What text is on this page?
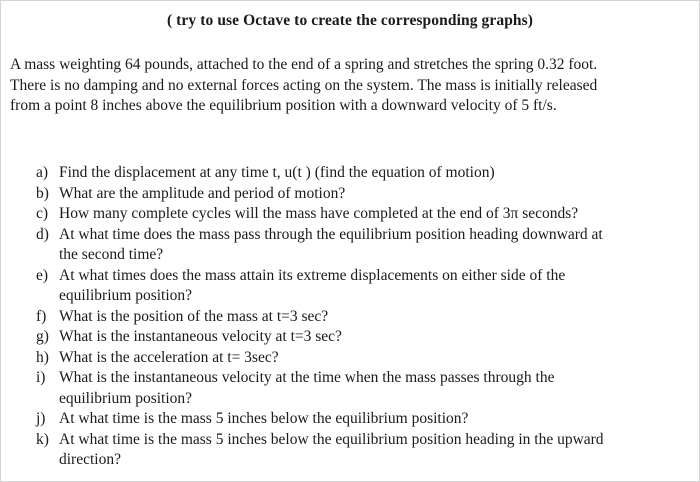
( try to use Octave to create the corresponding graphs)
A mass weighting 64 pounds, attached to the end of a spring and stretches the spring 0.32 foot.
There is no damping and no external forces acting on the system. The mass is initially released
from a point 8 inches above the equilibrium position with a downward velocity of 5 ft/s.
a) Find the displacement at any time t, u(t ) (find the equation of motion)
b) What are the amplitude and period of motion?
c) How many complete cycles will the mass have completed at the end of 3π seconds?
d) At what time does the mass pass through the equilibrium position heading downward at
the second time?
e) At what times does the mass attain its extreme displacements on either side of the
equilibrium position?
f) What is the position of the mass at t=3 sec?
g) What is the instantaneous velocity at t=3 sec?
h) What is the acceleration at t= 3sec?
i) What is the instantaneous velocity at the time when the mass passes through the
equilibrium position?
j) At what time is the mass 5 inches below the equilibrium position?
k) At what time is the mass 5 inches below the equilibrium position heading in the upward
direction?
